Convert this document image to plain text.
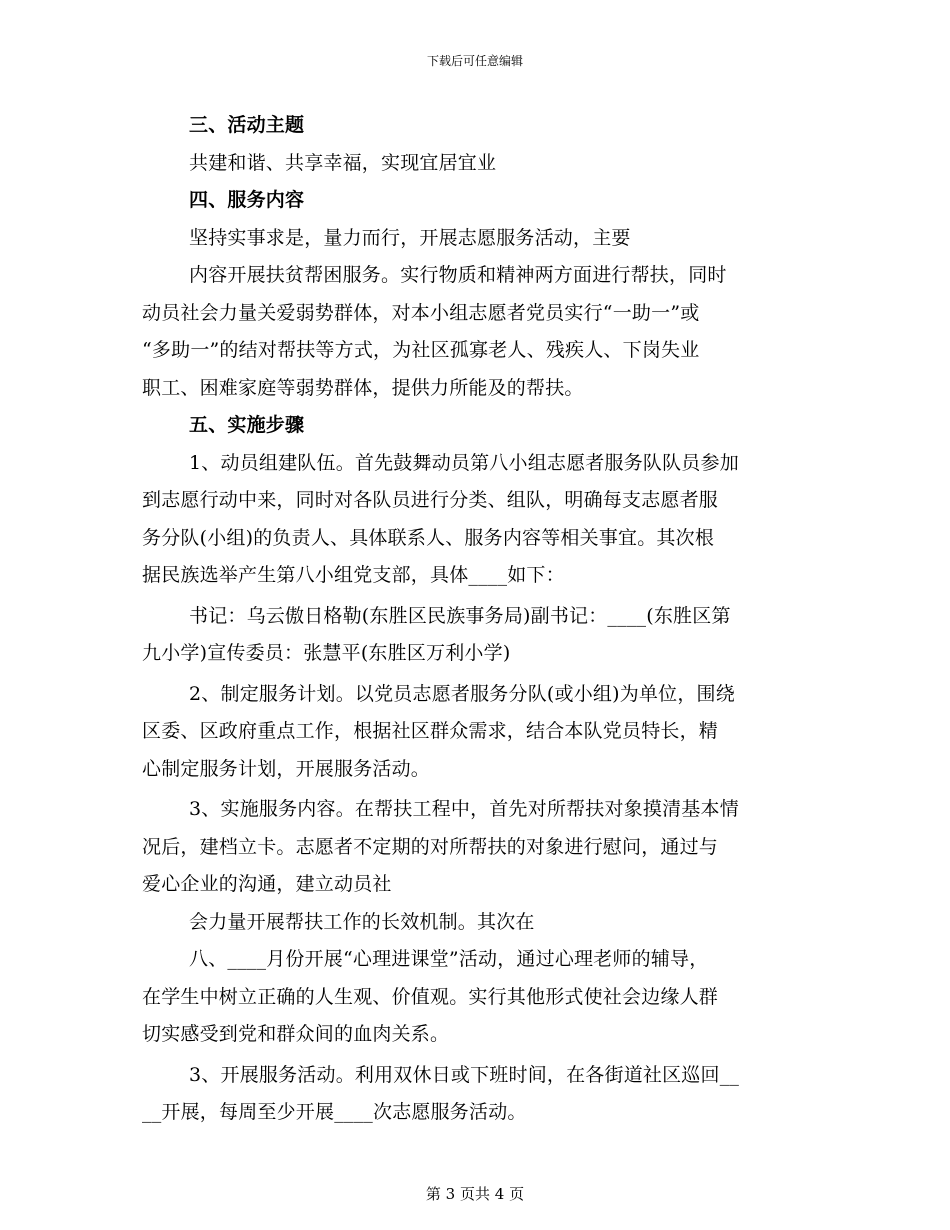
下载后可任意编辑
三、活动主题
共建和谐、共享幸福，实现宜居宜业
四、服务内容
坚持实事求是，量力而行，开展志愿服务活动，主要
内容开展扶贫帮困服务。实行物质和精神两方面进行帮扶，同时
动员社会力量关爱弱势群体，对本小组志愿者党员实行“一助一”或
“多助一”的结对帮扶等方式，为社区孤寡老人、残疾人、下岗失业
职工、困难家庭等弱势群体，提供力所能及的帮扶。
五、实施步骤
1、动员组建队伍。首先鼓舞动员第八小组志愿者服务队队员参加
到志愿行动中来，同时对各队员进行分类、组队，明确每支志愿者服
务分队(小组)的负责人、具体联系人、服务内容等相关事宜。其次根
据民族选举产生第八小组党支部，具体____如下：
书记：乌云傲日格勒(东胜区民族事务局)副书记：____(东胜区第
九小学)宣传委员：张慧平(东胜区万利小学)
2、制定服务计划。以党员志愿者服务分队(或小组)为单位，围绕
区委、区政府重点工作，根据社区群众需求，结合本队党员特长，精
心制定服务计划，开展服务活动。
3、实施服务内容。在帮扶工程中，首先对所帮扶对象摸清基本情
况后，建档立卡。志愿者不定期的对所帮扶的对象进行慰问，通过与
爱心企业的沟通，建立动员社
会力量开展帮扶工作的长效机制。其次在
八、____月份开展“心理进课堂”活动，通过心理老师的辅导，
在学生中树立正确的人生观、价值观。实行其他形式使社会边缘人群
切实感受到党和群众间的血肉关系。
3、开展服务活动。利用双休日或下班时间，在各街道社区巡回__
__开展，每周至少开展____次志愿服务活动。
第 3 页共 4 页
